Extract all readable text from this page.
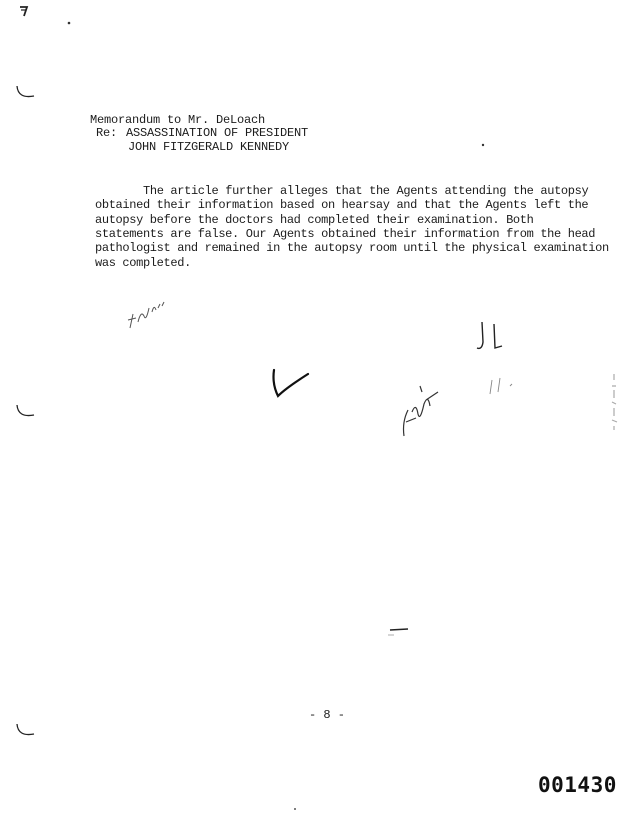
Memorandum to Mr. DeLoach
Re: ASSASSINATION OF PRESIDENT
JOHN FITZGERALD KENNEDY
The article further alleges that the Agents attending the autopsy
obtained their information based on hearsay and that the Agents left the
autopsy before the doctors had completed their examination. Both
statements are false. Our Agents obtained their information from the head
pathologist and remained in the autopsy room until the physical examination
was completed.
- 8 -
001430
